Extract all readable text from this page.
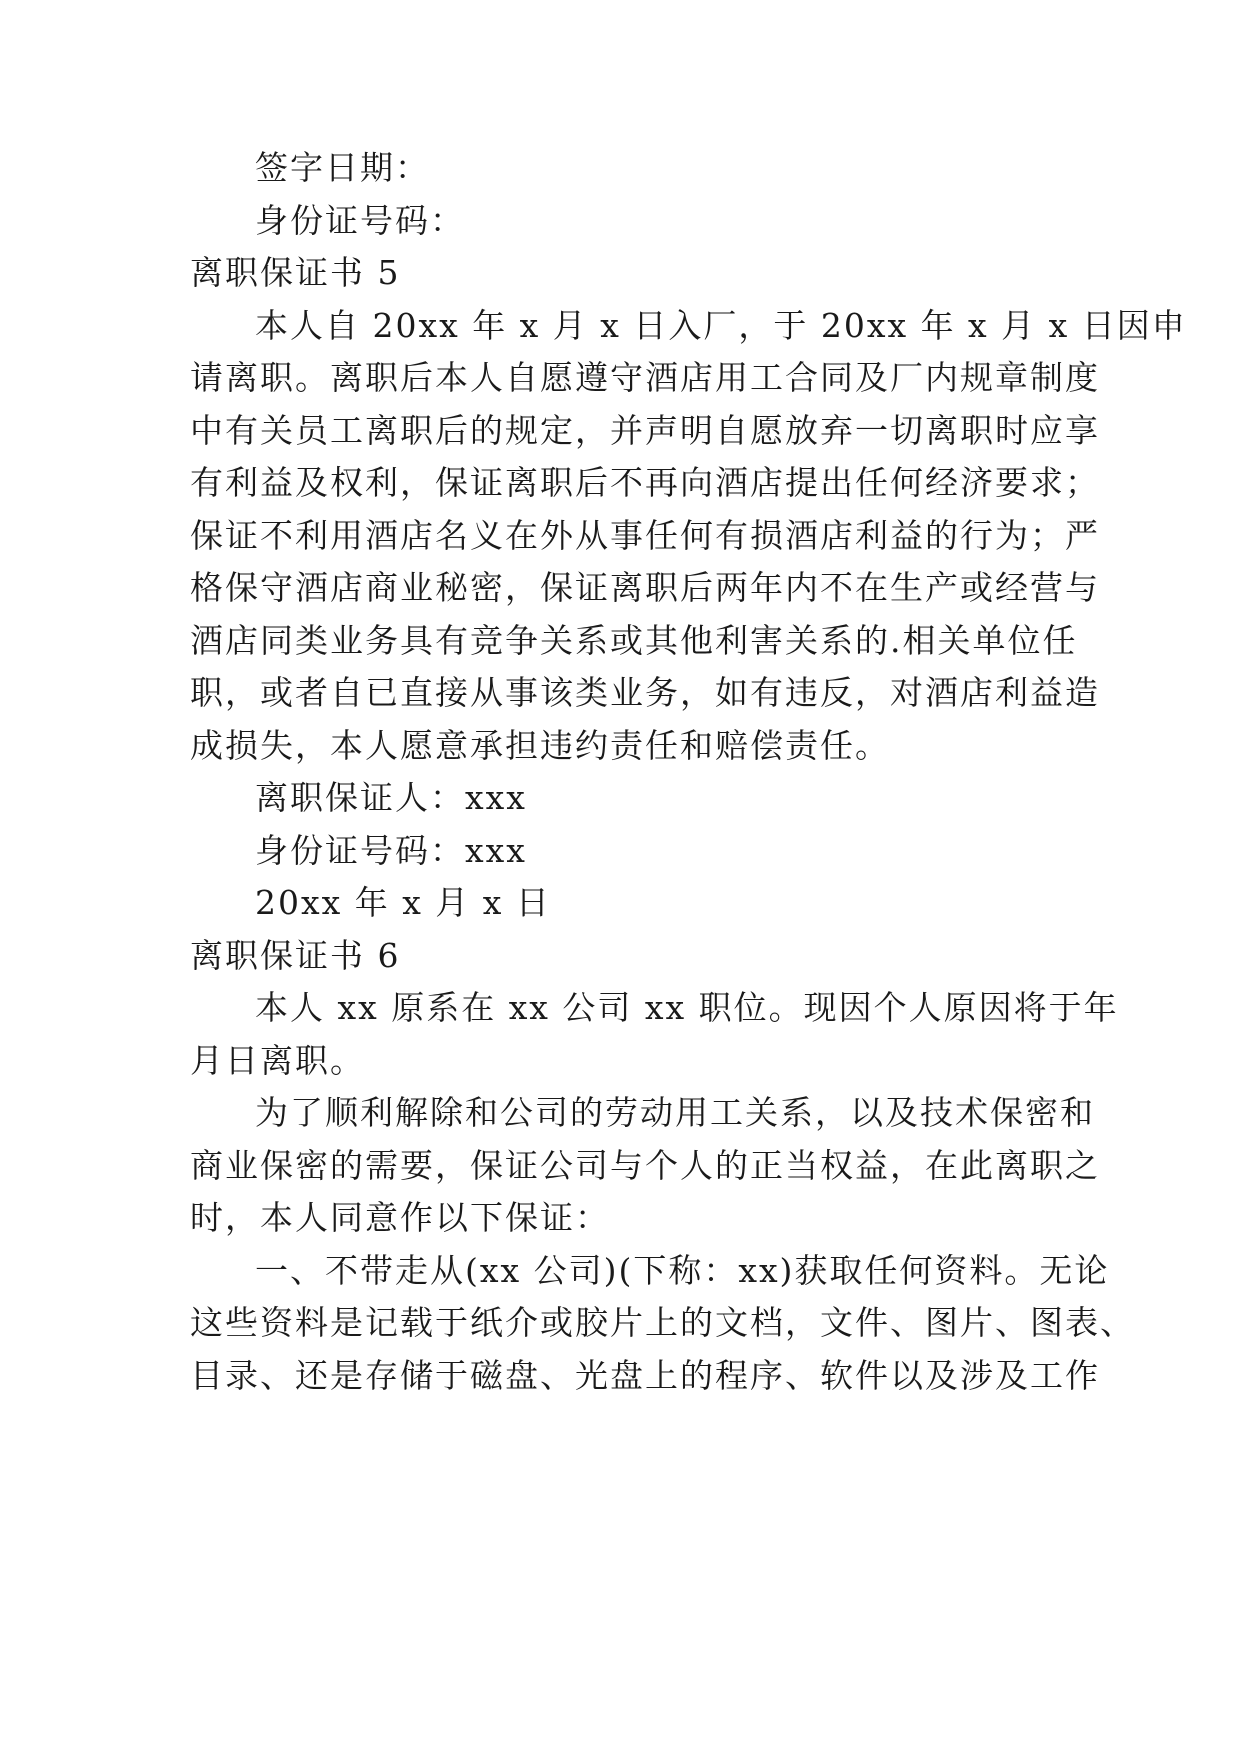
签字日期：
身份证号码：
离职保证书 5
本人自 20xx 年 x 月 x 日入厂，于 20xx 年 x 月 x 日因申
请离职。离职后本人自愿遵守酒店用工合同及厂内规章制度
中有关员工离职后的规定，并声明自愿放弃一切离职时应享
有利益及权利，保证离职后不再向酒店提出任何经济要求；
保证不利用酒店名义在外从事任何有损酒店利益的行为；严
格保守酒店商业秘密，保证离职后两年内不在生产或经营与
酒店同类业务具有竞争关系或其他利害关系的.相关单位任
职，或者自已直接从事该类业务，如有违反，对酒店利益造
成损失，本人愿意承担违约责任和赔偿责任。
离职保证人：xxx
身份证号码：xxx
20xx 年 x 月 x 日
离职保证书 6
本人 xx 原系在 xx 公司 xx 职位。现因个人原因将于年
月日离职。
为了顺利解除和公司的劳动用工关系，以及技术保密和
商业保密的需要，保证公司与个人的正当权益，在此离职之
时，本人同意作以下保证：
一、不带走从(xx 公司)(下称：xx)获取任何资料。无论
这些资料是记载于纸介或胶片上的文档，文件、图片、图表、
目录、还是存储于磁盘、光盘上的程序、软件以及涉及工作
